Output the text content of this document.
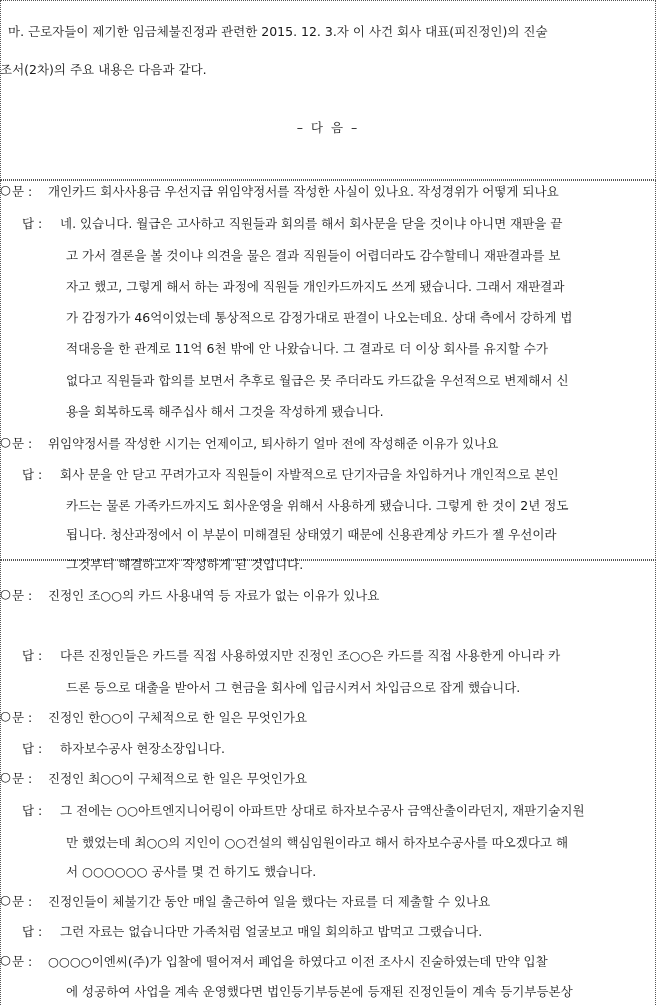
마. 근로자들이 제기한 임금체불진정과 관련한 2015. 12. 3.자 이 사건 회사 대표(피진정인)의 진술
조서(2차)의 주요 내용은 다음과 같다.
– 다 음 –
○ 문 : 개인카드 회사사용금 우선지급 위임약정서를 작성한 사실이 있나요. 작성경위가 어떻게 되나요
답 : 네. 있습니다. 월급은 고사하고 직원들과 회의를 해서 회사문을 닫을 것이냐 아니면 재판을 끝
고 가서 결론을 볼 것이냐 의견을 물은 결과 직원들이 어렵더라도 감수할테니 재판결과를 보
자고 했고, 그렇게 해서 하는 과정에 직원들 개인카드까지도 쓰게 됐습니다. 그래서 재판결과
가 감정가가 46억이었는데 통상적으로 감정가대로 판결이 나오는데요. 상대 측에서 강하게 법
적대응을 한 관계로 11억 6천 밖에 안 나왔습니다. 그 결과로 더 이상 회사를 유지할 수가
없다고 직원들과 합의를 보면서 추후로 월급은 못 주더라도 카드값을 우선적으로 변제해서 신
용을 회복하도록 해주십사 해서 그것을 작성하게 됐습니다.
○ 문 : 위임약정서를 작성한 시기는 언제이고, 퇴사하기 얼마 전에 작성해준 이유가 있나요
답 : 회사 문을 안 닫고 꾸려가고자 직원들이 자발적으로 단기자금을 차입하거나 개인적으로 본인
카드는 물론 가족카드까지도 회사운영을 위해서 사용하게 됐습니다. 그렇게 한 것이 2년 정도
됩니다. 청산과정에서 이 부분이 미해결된 상태였기 때문에 신용관계상 카드가 젤 우선이라
그것부터 해결하고자 작성하게 된 것입니다.
○ 문 : 진정인 조○○의 카드 사용내역 등 자료가 없는 이유가 있나요
답 : 다른 진정인들은 카드를 직접 사용하였지만 진정인 조○○은 카드를 직접 사용한게 아니라 카
드론 등으로 대출을 받아서 그 현금을 회사에 입금시켜서 차입금으로 잡게 했습니다.
○ 문 : 진정인 한○○이 구체적으로 한 일은 무엇인가요
답 : 하자보수공사 현장소장입니다.
○ 문 : 진정인 최○○이 구체적으로 한 일은 무엇인가요
답 : 그 전에는 ○○아트엔지니어링이 아파트만 상대로 하자보수공사 금액산출이라던지, 재판기술지원
만 했었는데 최○○의 지인이 ○○건설의 핵심임원이라고 해서 하자보수공사를 따오겠다고 해
서 ○○○○○○ 공사를 몇 건 하기도 했습니다.
○ 문 : 진정인들이 체불기간 동안 매일 출근하여 일을 했다는 자료를 더 제출할 수 있나요
답 : 그런 자료는 없습니다만 가족처럼 얼굴보고 매일 회의하고 밥먹고 그랬습니다.
○ 문 : ○○○○이엔씨(주)가 입찰에 떨어져서 폐업을 하였다고 이전 조사시 진술하였는데 만약 입찰
에 성공하여 사업을 계속 운영했다면 법인등기부등본에 등재된 진정인들이 계속 등기부등본상
